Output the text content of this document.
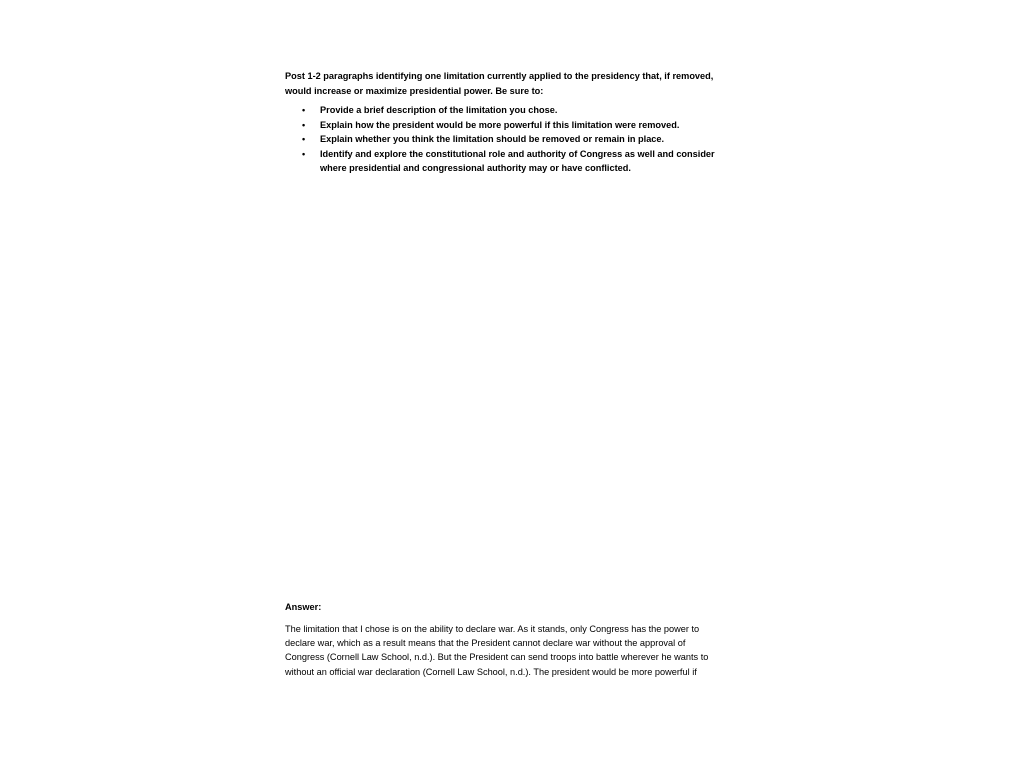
Post 1-2 paragraphs identifying one limitation currently applied to the presidency that, if removed, would increase or maximize presidential power. Be sure to:

• Provide a brief description of the limitation you chose.
• Explain how the president would be more powerful if this limitation were removed.
• Explain whether you think the limitation should be removed or remain in place.
• Identify and explore the constitutional role and authority of Congress as well and consider where presidential and congressional authority may or have conflicted.

Answer:

The limitation that I chose is on the ability to declare war. As it stands, only Congress has the power to
declare war, which as a result means that the President cannot declare war without the approval of
Congress (Cornell Law School, n.d.). But the President can send troops into battle wherever he wants to
without an official war declaration (Cornell Law School, n.d.). The president would be more powerful if
